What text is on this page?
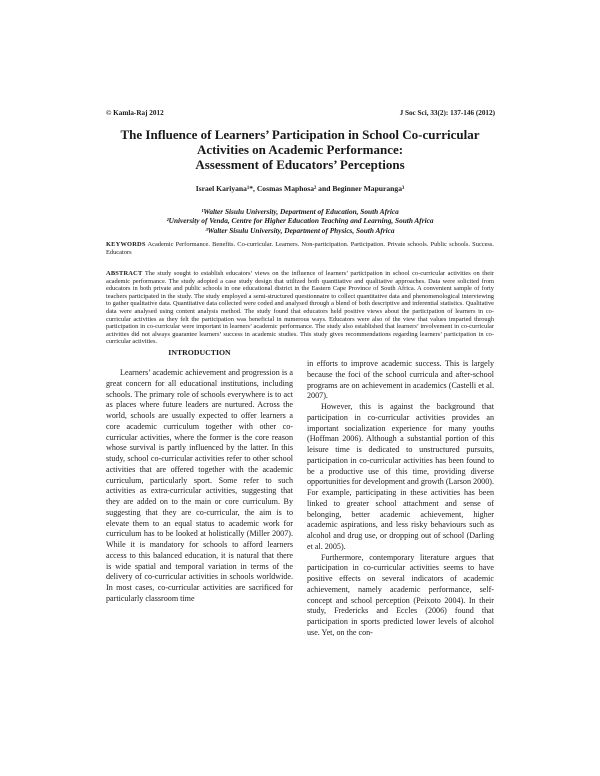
© Kamla-Raj 2012	J Soc Sci, 33(2): 137-146 (2012)
The Influence of Learners’ Participation in School Co-curricular
Activities on Academic Performance:
Assessment of Educators’ Perceptions
Israel Kariyana¹*, Cosmas Maphosa² and Beginner Mapuranga³
¹Walter Sisulu University, Department of Education, South Africa
²University of Venda, Centre for Higher Education Teaching and Learning, South Africa
³Walter Sisulu University, Department of Physics, South Africa
KEYWORDS Academic Performance. Benefits. Co-curricular. Learners. Non-participation. Participation. Private schools. Public schools. Success. Educators
ABSTRACT The study sought to establish educators’ views on the influence of learners’ participation in school co-curricular activities on their academic performance. The study adopted a case study design that utilized both quantitative and qualitative approaches. Data were solicited from educators in both private and public schools in one educational district in the Eastern Cape Province of South Africa. A convenient sample of forty teachers participated in the study. The study employed a semi-structured questionnaire to collect quantitative data and phenomenological interviewing to gather qualitative data. Quantitative data collected were coded and analysed through a blend of both descriptive and inferential statistics. Qualitative data were analysed using content analysis method. The study found that educators held positive views about the participation of learners in co-curricular activities as they felt the participation was beneficial in numerous ways. Educators were also of the view that values imparted through participation in co-curricular were important in learners’ academic performance. The study also established that learners’ involvement in co-curricular activities did not always guarantee learners’ success in academic studies. This study gives recommendations regarding learners’ participation in co-curricular activities.
INTRODUCTION

Learners’ academic achievement and progression is a great concern for all educational institutions, including schools. The primary role of schools everywhere is to act as places where future leaders are nurtured. Across the world, schools are usually expected to offer learners a core academic curriculum together with other co-curricular activities, where the former is the core reason whose survival is partly influenced by the latter. In this study, school co-curricular activities refer to other school activities that are offered together with the academic curriculum, particularly sport. Some refer to such activities as extra-curricular activities, suggesting that they are added on to the main or core curriculum. By suggesting that they are co-curricular, the aim is to elevate them to an equal status to academic work for curriculum has to be looked at holistically (Miller 2007). While it is mandatory for schools to afford learners access to this balanced education, it is natural that there is wide spatial and temporal variation in terms of the delivery of co-curricular activities in schools worldwide. In most cases, co-curricular activities are sacrificed for particularly classroom time

in efforts to improve academic success. This is largely because the foci of the school curricula and after-school programs are on achievement in academics (Castelli et al. 2007).

However, this is against the background that participation in co-curricular activities provides an important socialization experience for many youths (Hoffman 2006). Although a substantial portion of this leisure time is dedicated to unstructured pursuits, participation in co-curricular activities has been found to be a productive use of this time, providing diverse opportunities for development and growth (Larson 2000). For example, participating in these activities has been linked to greater school attachment and sense of belonging, better academic achievement, higher academic aspirations, and less risky behaviours such as alcohol and drug use, or dropping out of school (Darling et al. 2005).

Furthermore, contemporary literature argues that participation in co-curricular activities seems to have positive effects on several indicators of academic achievement, namely academic performance, self-concept and school perception (Peixoto 2004). In their study, Fredericks and Eccles (2006) found that participation in sports predicted lower levels of alcohol use. Yet, on the con-
